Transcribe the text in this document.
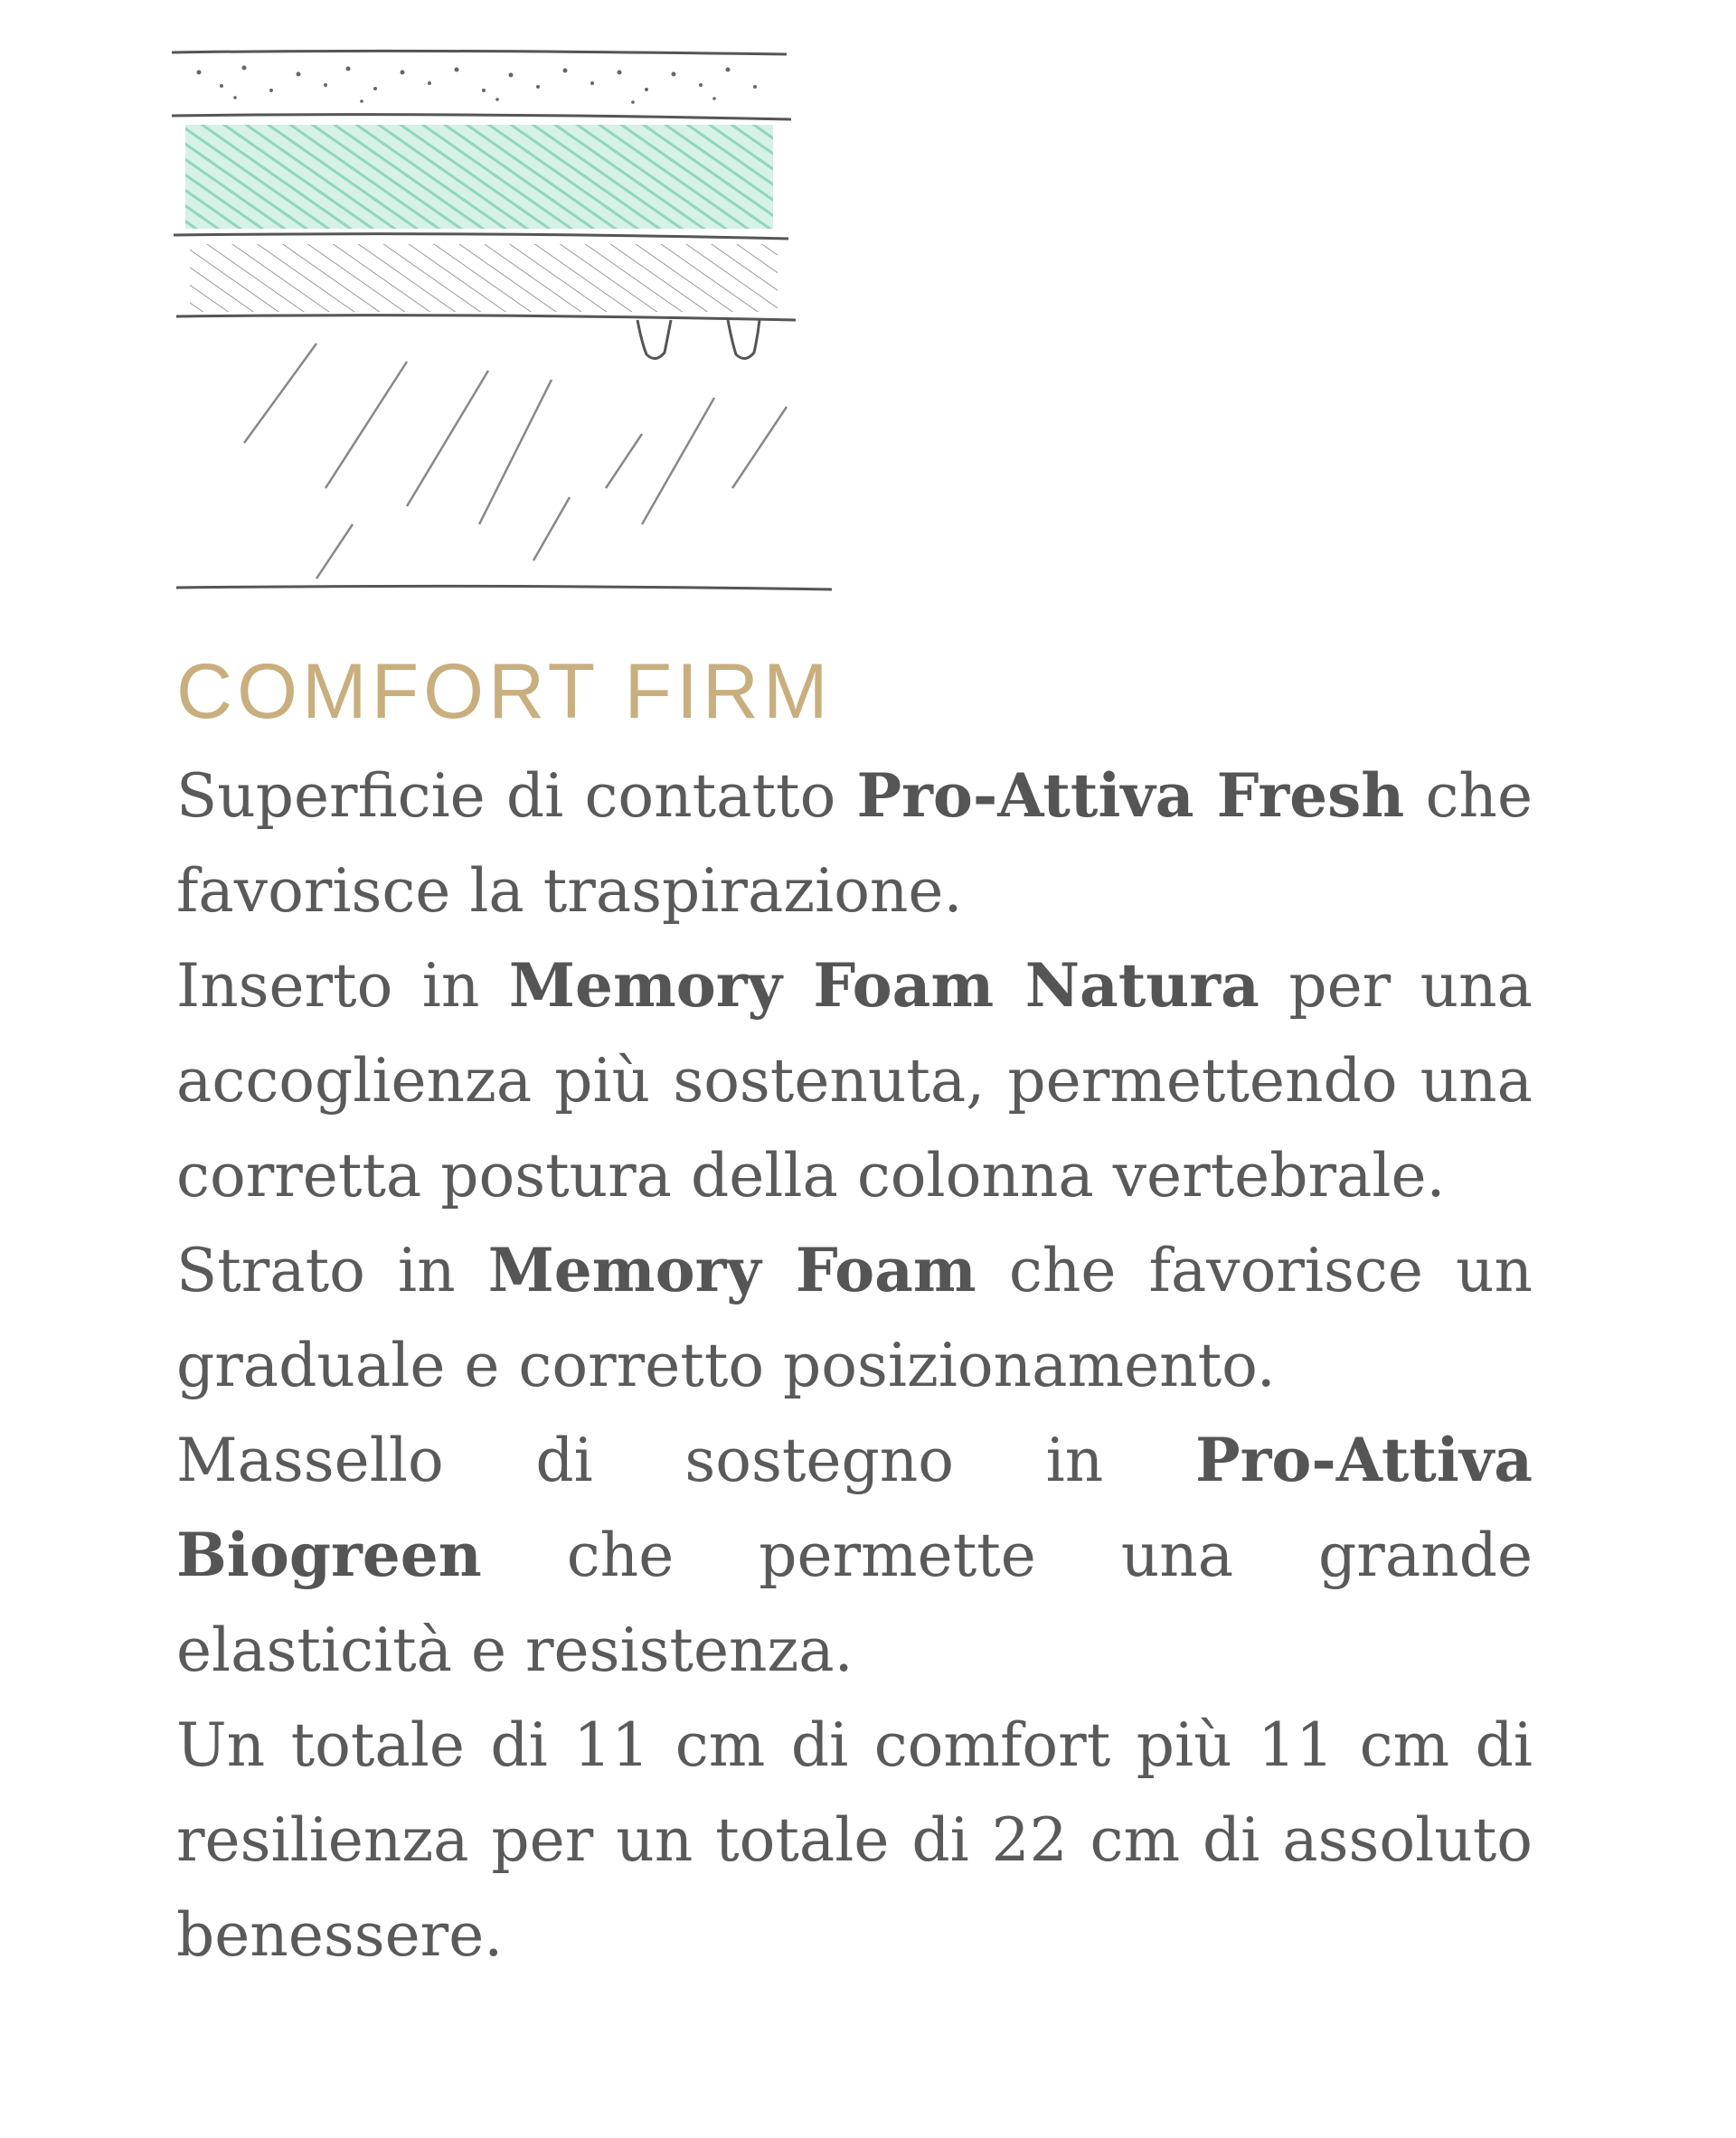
COMFORT FIRM

Superficie di contatto Pro-Attiva Fresh che favorisce la traspirazione.

Inserto in Memory Foam Natura per una accoglienza più sostenuta, permettendo una corretta postura della colonna vertebrale.

Strato in Memory Foam che favorisce un graduale e corretto posizionamento.

Massello di sostegno in Pro-Attiva Biogreen che permette una grande elasticità e resistenza.

Un totale di 11 cm di comfort più 11 cm di resilienza per un totale di 22 cm di assoluto benessere.
